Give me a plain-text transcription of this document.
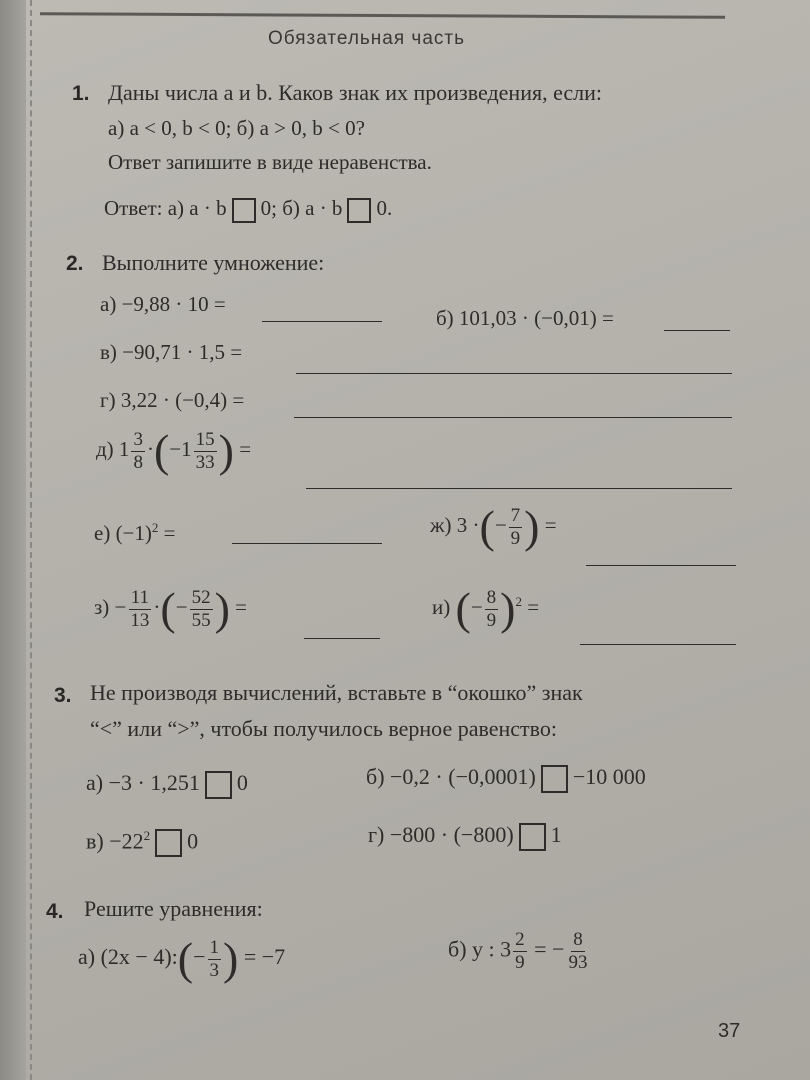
Обязательная часть
1. Даны числа a и b. Каков знак их произведения, если:
а) a < 0, b < 0; б) a > 0, b < 0?
Ответ запишите в виде неравенства.
Ответ: а) a · b 0; б) a · b 0.
2. Выполните умножение:
а) −9,88 · 10 =
б) 101,03 · (−0,01) =
в) −90,71 · 1,5 =
г) 3,22 · (−0,4) =
д) $1 \frac{3}{8} \cdot(-1 \frac{15}{33}$ ) =
е) $(-1)^2$ =	ж) 3 ·(− $\frac{7}{9}$ ) =
$з) - \frac{11}{13}$ ·(− $\frac{52}{55}$ ) =	и) (− $\frac{8}{9} )^2$ =
3. Не производя вычислений, вставьте в “окошко” знак
“<” или “>”, чтобы получилось верное равенство:
а) −3 · 1,251 0	б) −0,2 · (−0,0001) −10 000
$в) -22^2$ 0	г) −800 · (−800) 1
4. Решите уравнения:
а) (2x − 4):(− $\frac{1}{3}$ ) = −7	б) y : $3 \frac{2}{9}$ = − $\frac{8}{93}$
37
